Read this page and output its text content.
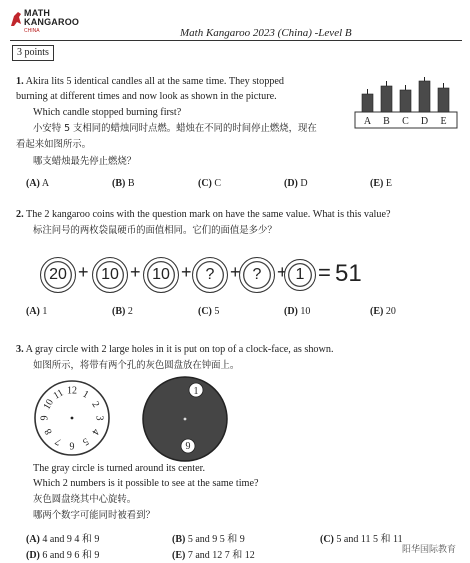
MATH
KANGAROO
CHINA	Math Kangaroo 2023 (China) -Level B
3 points
1. Akira lits 5 identical candles all at the same time. They stopped
burning at different times and now look as shown in the picture.
Which candle stopped burning first?
小安特 5 支相同的蜡烛同时点燃。蜡烛在不同的时间停止燃烧，现在
看起来如图所示。
哪支蜡烛最先停止燃烧？
A B C D E
(A) A	(B) B	(C) C	(D) D	(E) E
2. The 2 kangaroo coins with the question mark on have the same value. What is this value?
标注问号的两枚袋鼠硬币的面值相同。它们的面值是多少？
20 + 10 + 10 + ? + ? + 1 = 51
(A) 1	(B) 2	(C) 5	(D) 10	(E) 20
3. A gray circle with 2 large holes in it is put on top of a clock-face, as shown.
如图所示，将带有两个孔的灰色圆盘放在钟面上。
12 1
2
3
4
5
6
7
8
9
10
11	1
6
The gray circle is turned around its center.
Which 2 numbers is it possible to see at the same time?
灰色圆盘绕其中心旋转。
哪两个数字可能同时被看到？
(A) 4 and 9 4 和 9	(B) 5 and 9 5 和 9	(C) 5 and 11 5 和 11
(D) 6 and 9 6 和 9	(E) 7 and 12 7 和 12	阳华国际教育
